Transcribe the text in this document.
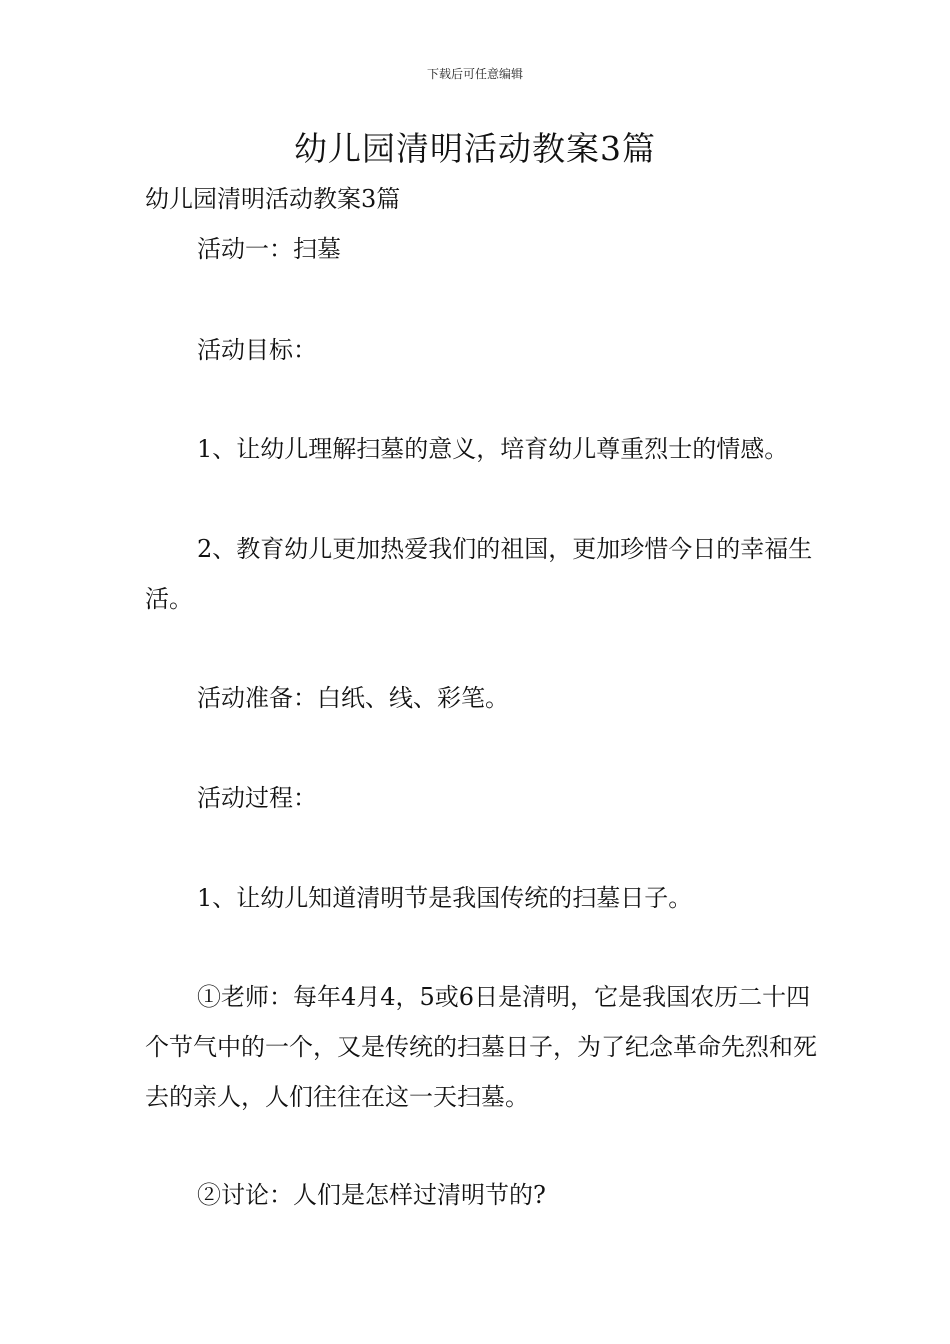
下载后可任意编辑
幼儿园清明活动教案3篇

幼儿园清明活动教案3篇

活动一：扫墓

活动目标：

1、让幼儿理解扫墓的意义，培育幼儿尊重烈士的情感。

2、教育幼儿更加热爱我们的祖国，更加珍惜今日的幸福生活。

活动准备：白纸、线、彩笔。

活动过程：

1、让幼儿知道清明节是我国传统的扫墓日子。

①老师：每年4月4，5或6日是清明，它是我国农历二十四个节气中的一个，又是传统的扫墓日子，为了纪念革命先烈和死去的亲人，人们往往在这一天扫墓。

②讨论：人们是怎样过清明节的?
